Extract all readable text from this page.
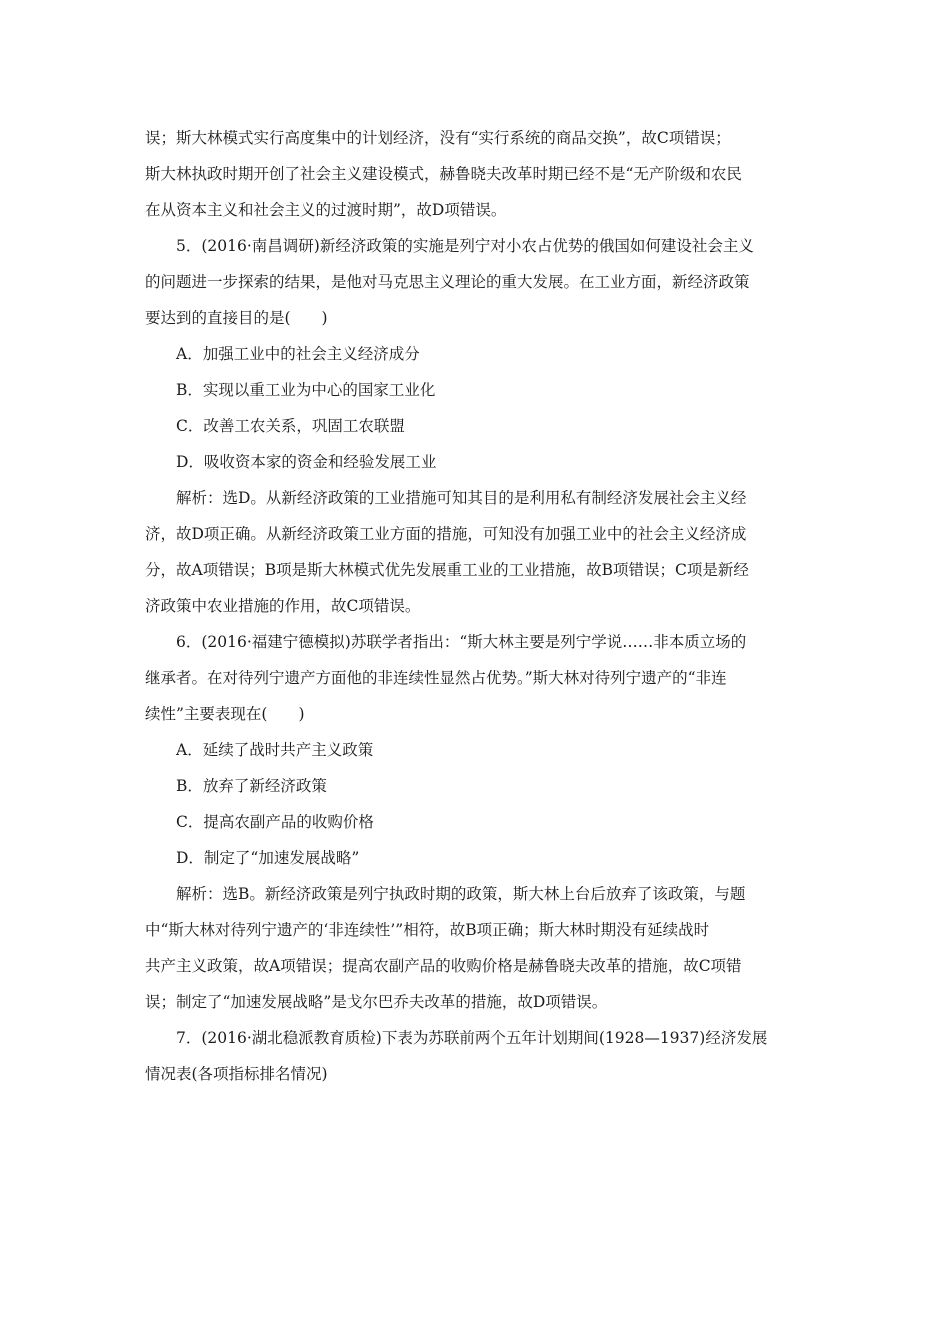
误；斯大林模式实行高度集中的计划经济，没有“实行系统的商品交换”，故C项错误；
斯大林执政时期开创了社会主义建设模式，赫鲁晓夫改革时期已经不是“无产阶级和农民
在从资本主义和社会主义的过渡时期”，故D项错误。
5．(2016·南昌调研)新经济政策的实施是列宁对小农占优势的俄国如何建设社会主义
的问题进一步探索的结果，是他对马克思主义理论的重大发展。在工业方面，新经济政策
要达到的直接目的是(　　)
A．加强工业中的社会主义经济成分
B．实现以重工业为中心的国家工业化
C．改善工农关系，巩固工农联盟
D．吸收资本家的资金和经验发展工业
解析：选D。从新经济政策的工业措施可知其目的是利用私有制经济发展社会主义经
济，故D项正确。从新经济政策工业方面的措施，可知没有加强工业中的社会主义经济成
分，故A项错误；B项是斯大林模式优先发展重工业的工业措施，故B项错误；C项是新经
济政策中农业措施的作用，故C项错误。
6．(2016·福建宁德模拟)苏联学者指出：“斯大林主要是列宁学说……非本质立场的
继承者。在对待列宁遗产方面他的非连续性显然占优势。”斯大林对待列宁遗产的“非连
续性”主要表现在(　　)
A．延续了战时共产主义政策
B．放弃了新经济政策
C．提高农副产品的收购价格
D．制定了“加速发展战略”
解析：选B。新经济政策是列宁执政时期的政策，斯大林上台后放弃了该政策，与题
中“斯大林对待列宁遗产的‘非连续性’”相符，故B项正确；斯大林时期没有延续战时
共产主义政策，故A项错误；提高农副产品的收购价格是赫鲁晓夫改革的措施，故C项错
误；制定了“加速发展战略”是戈尔巴乔夫改革的措施，故D项错误。
7．(2016·湖北稳派教育质检)下表为苏联前两个五年计划期间(1928—1937)经济发展
情况表(各项指标排名情况)
